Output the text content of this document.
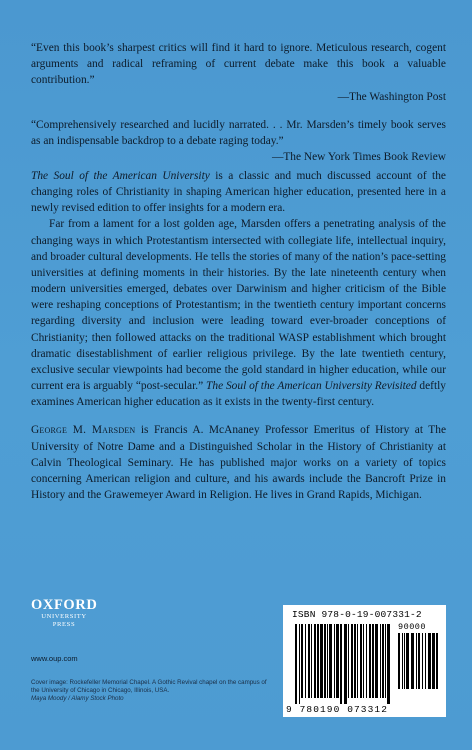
“Even this book’s sharpest critics will find it hard to ignore. Meticulous research, cogent arguments and radical reframing of current debate make this book a valuable contribution.”

—The Washington Post

“Comprehensively researched and lucidly narrated. . . Mr. Marsden’s timely book serves as an indispensable backdrop to a debate raging today.”

—The New York Times Book Review

The Soul of the American University is a classic and much discussed account of the changing roles of Christianity in shaping American higher education, presented here in a newly revised edition to offer insights for a modern era.

Far from a lament for a lost golden age, Marsden offers a penetrating analysis of the changing ways in which Protestantism intersected with collegiate life, intellectual inquiry, and broader cultural developments. He tells the stories of many of the nation’s pace-setting universities at defining moments in their histories. By the late nineteenth century when modern universities emerged, debates over Darwinism and higher criticism of the Bible were reshaping conceptions of Protestantism; in the twentieth century important concerns regarding diversity and inclusion were leading toward ever-broader conceptions of Christianity; then followed attacks on the traditional WASP establishment which brought dramatic disestablishment of earlier religious privilege. By the late twentieth century, exclusive secular viewpoints had become the gold standard in higher education, while our current era is arguably “post-secular.” The Soul of the American University Revisited deftly examines American higher education as it exists in the twenty-first century.

George M. Marsden is Francis A. McAnaney Professor Emeritus of History at The University of Notre Dame and a Distinguished Scholar in the History of Christianity at Calvin Theological Seminary. He has published major works on a variety of topics concerning American religion and culture, and his awards include the Bancroft Prize in History and the Grawemeyer Award in Religion. He lives in Grand Rapids, Michigan.

OXFORD
UNIVERSITY PRESS
www.oup.com
Cover image: Rockefeller Memorial Chapel. A Gothic Revival chapel on the campus of the University of Chicago in Chicago, Illinois, USA.
Maya Moody / Alamy Stock Photo
ISBN 978-0-19-007331-2
90000
9 780190 073312
